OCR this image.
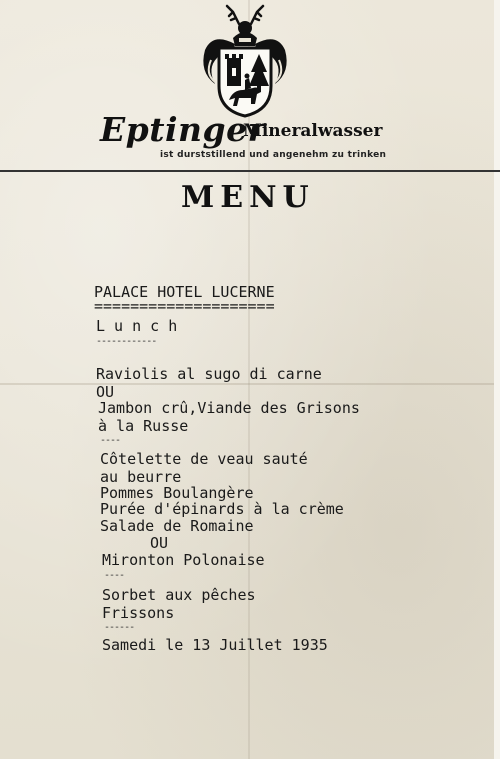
Eptinger
Mineralwasser
ist durststillend und angenehm zu trinken
MENU
PALACE HOTEL LUCERNE
====================
L u n c h
------------
Raviolis al sugo di carne
OU
Jambon crû,Viande des Grisons
à la Russe
----
Côtelette de veau sauté
au beurre
Pommes Boulangère
Purée d'épinards à la crème
Salade de Romaine
OU
Mironton Polonaise
----
Sorbet aux pêches
Frissons
------
Samedi le 13 Juillet 1935
